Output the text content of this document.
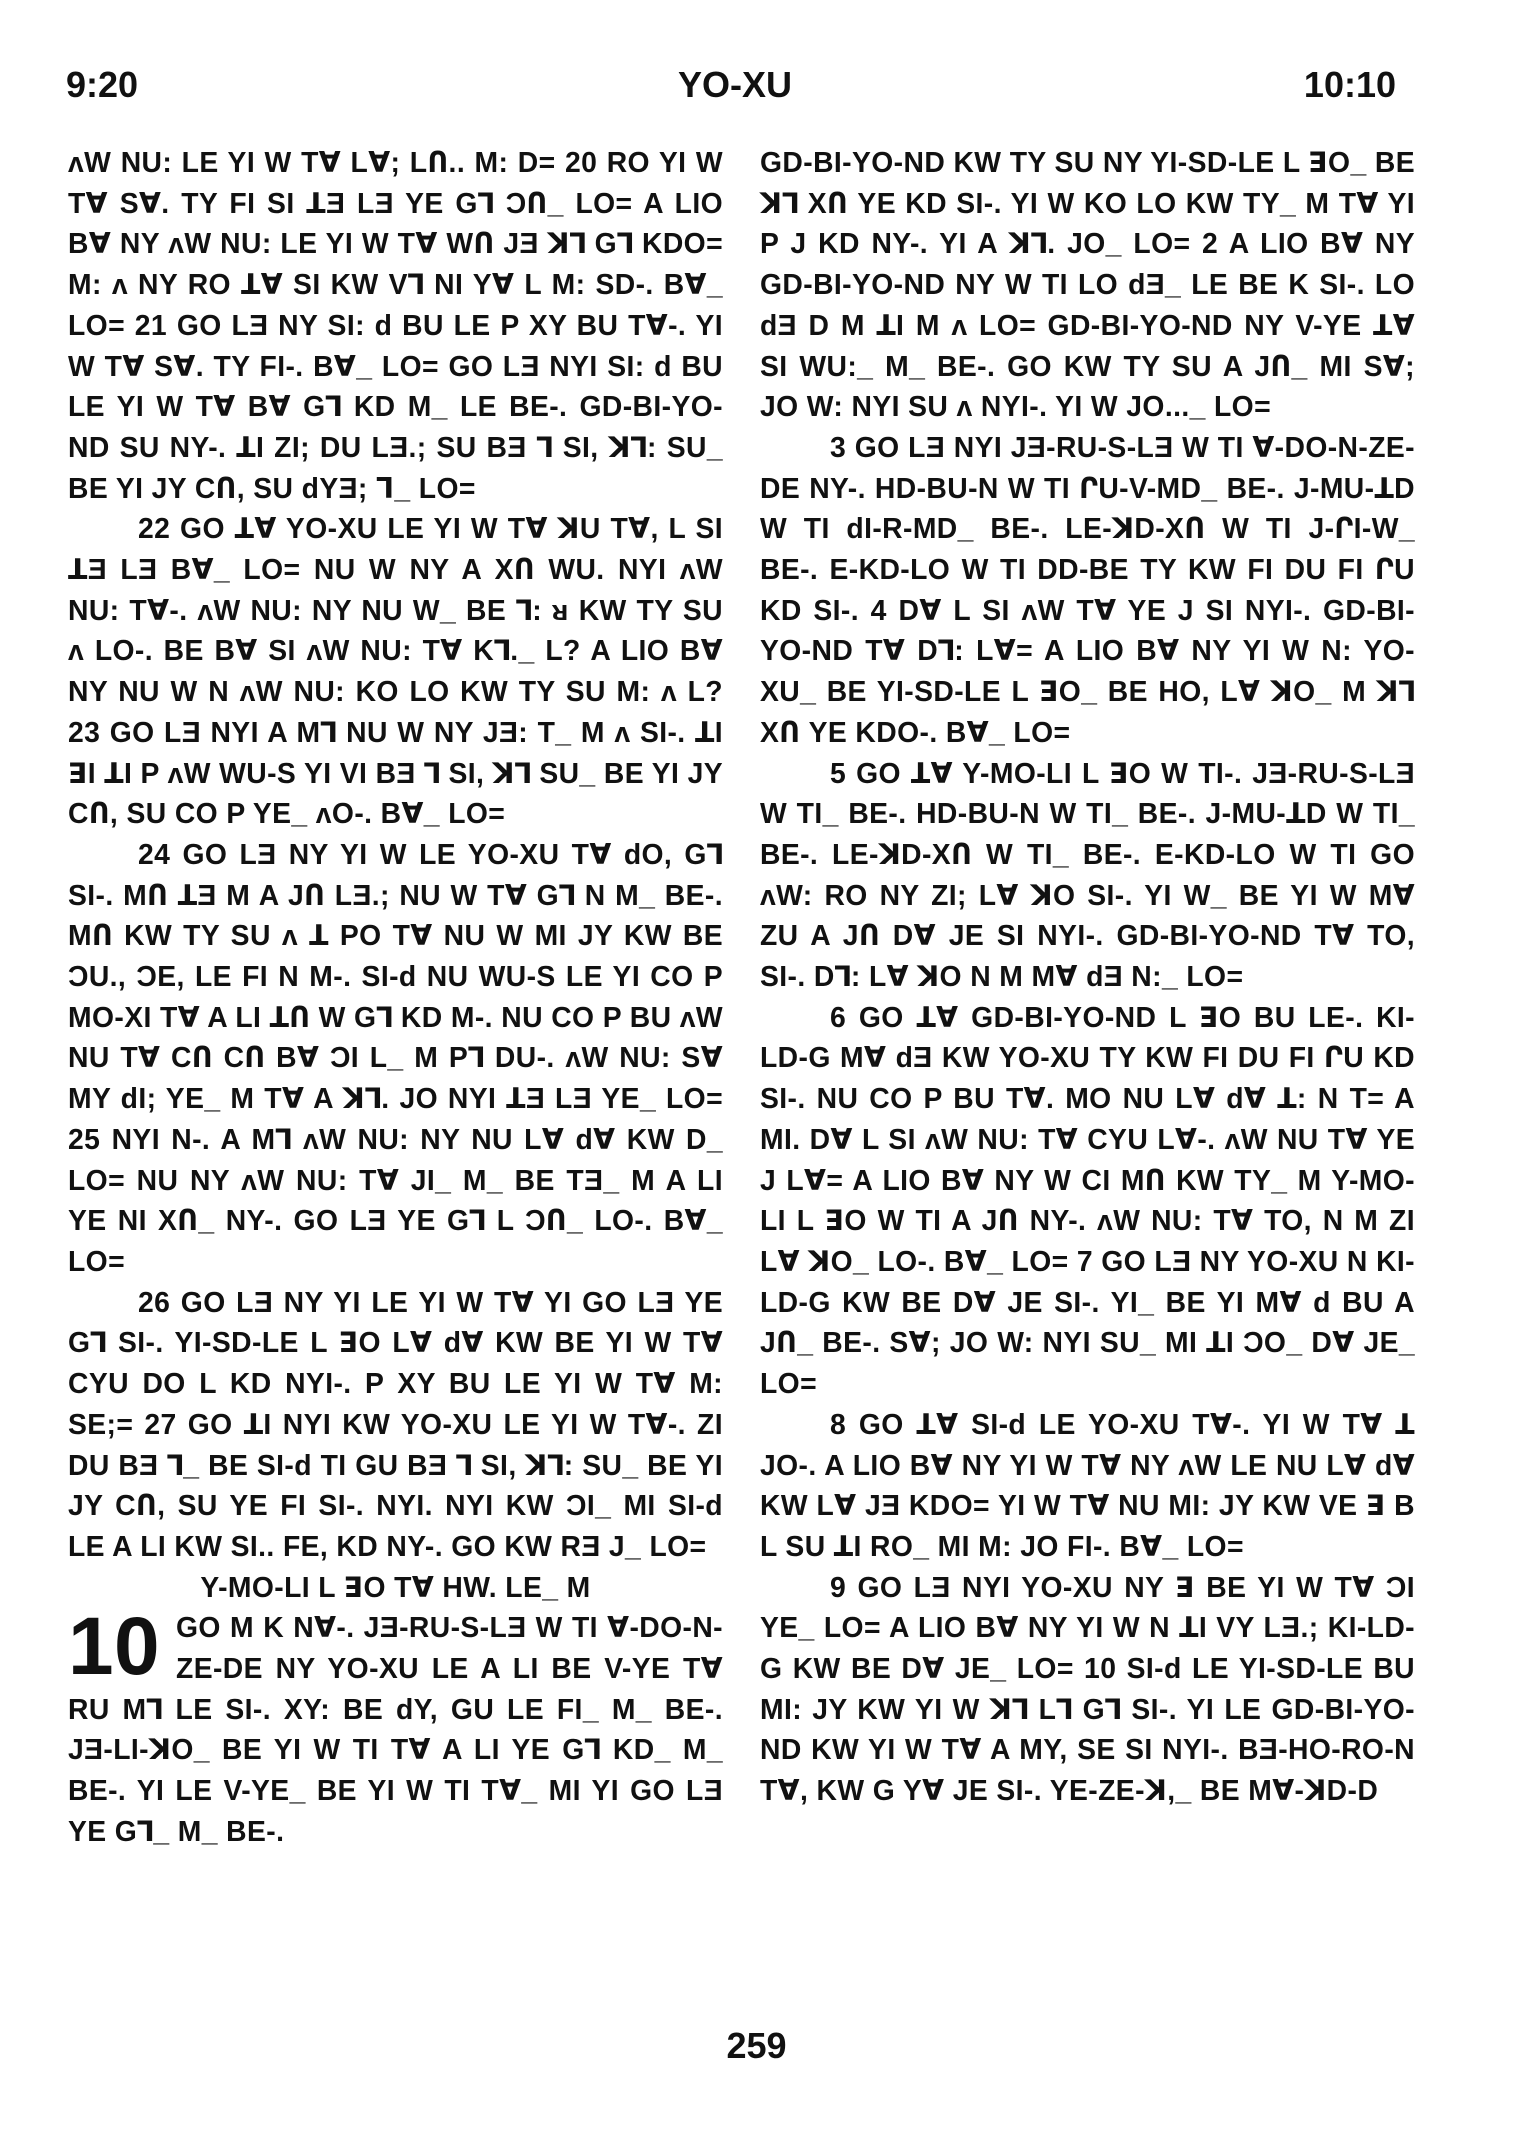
9:20	YO-XU	10:10

ʌW NU: LE YI W TⱯ LⱯ; LՈ.. M: D= 20 RO YI W TⱯ SⱯ. TY FI SI ꓕƎ LƎ YE Gꓶ ϽՈ_ LO= A LIO BⱯ NY ʌW NU: LE YI W TⱯ WՈ JƎ ꓘꓶ Gꓶ KDO= M: ʌ NY RO ꓕⱯ SI KW Vꓶ NI YⱯ L M: SD-. BⱯ_ LO= 21 GO LƎ NY SI: d BU LE P XY BU TⱯ-. YI W TⱯ SⱯ. TY FI-. BⱯ_ LO= GO LƎ NYI SI: d BU LE YI W TⱯ BⱯ Gꓶ KD M_ LE BE-. GD-BI-YO-ND SU NY-. ꓕI ZI; DU LƎ.; SU BƎ ꓶ SI, ꓘꓶ: SU_ BE YI JY CՈ, SU dYƎ; Ꞁ_ LO=

22 GO ꓕⱯ YO-XU LE YI W TⱯ ꓘU TⱯ, L SI ꓕƎ LƎ BⱯ_ LO= NU W NY A XՈ WU. NYI ʌW NU: TⱯ-. ʌW NU: NY NU W_ BE ꓶ: ᴚ KW TY SU ʌ LO-. BE BⱯ SI ʌW NU: TⱯ Kꓶ._ L? A LIO BⱯ NY NU W N ʌW NU: KO LO KW TY SU M: ʌ L? 23 GO LƎ NYI A Mꓶ NU W NY JƎ: T_ M ʌ SI-. ꓕI ꓱI ꓕI P ʌW WU-S YI VI BƎ ꓶ SI, ꓘꓶ SU_ BE YI JY CՈ, SU CO P YE_ ʌO-. BⱯ_ LO=

24 GO LƎ NY YI W LE YO-XU TⱯ dO, Gꓶ SI-. MՈ ꓕƎ M A JՈ LƎ.; NU W TⱯ Gꓶ N M_ BE-. MՈ KW TY SU ʌ ꓕ PO TⱯ NU W MI JY KW BE ϽU., ϽE, LE FI N M-. SI-d NU WU-S LE YI CO P MO-XI TⱯ A LI ꓕՈ W Gꓶ KD M-. NU CO P BU ʌW NU TⱯ CՈ CՈ BⱯ ϽI L_ M Pꓶ DU-. ʌW NU: SⱯ MY dI; YE_ M TⱯ A ꓘꓶ. JO NYI ꓕƎ LƎ YE_ LO= 25 NYI N-. A Mꓶ ʌW NU: NY NU LⱯ dⱯ KW D_ LO= NU NY ʌW NU: TⱯ JI_ M_ BE TƎ_ M A LI YE NI XՈ_ NY-. GO LƎ YE Gꓶ L ϽՈ_ LO-. BⱯ_ LO=

26 GO LƎ NY YI LE YI W TⱯ YI GO LƎ YE Gꓶ SI-. YI-SD-LE L ꓱO LⱯ dⱯ KW BE YI W TⱯ CYU DO L KD NYI-. P XY BU LE YI W TⱯ M: SE;= 27 GO ꓕI NYI KW YO-XU LE YI W TⱯ-. ZI DU BƎ ꓶ_ BE SI-d TI GU BƎ ꓶ SI, ꓘꓶ: SU_ BE YI JY CՈ, SU YE FI SI-. NYI. NYI KW ϽI_ MI SI-d LE A LI KW SI.. FE, KD NY-. GO KW RƎ J_ LO=

Y-MO-LI L ꓱO TⱯ HW. LE_ M
10 GO M K NⱯ-. JƎ-RU-S-LƎ W TI Ɐ-DO-N-ZE-DE NY YO-XU LE A LI BE V-YE TⱯ RU Mꓶ LE SI-. XY: BE dY, GU LE FI_ M_ BE-. JƎ-LI-ꓘO_ BE YI W TI TⱯ A LI YE Gꓶ KD_ M_ BE-. YI LE V-YE_ BE YI W TI TⱯ_ MI YI GO LƎ YE Gꓶ_ M_ BE-.

GD-BI-YO-ND KW TY SU NY YI-SD-LE L ꓱO_ BE ꓘꓶ XՈ YE KD SI-. YI W KO LO KW TY_ M TⱯ YI P J KD NY-. YI A ꓘꓶ. JO_ LO= 2 A LIO BⱯ NY GD-BI-YO-ND NY W TI LO dƎ_ LE BE K SI-. LO dƎ D M ꓕI M ʌ LO= GD-BI-YO-ND NY V-YE ꓕⱯ SI WU:_ M_ BE-. GO KW TY SU A JՈ_ MI SⱯ; JO W: NYI SU ʌ NYI-. YI W JO..._ LO=

3 GO LƎ NYI JƎ-RU-S-LƎ W TI Ɐ-DO-N-ZE-DE NY-. HD-BU-N W TI ՐU-V-MD_ BE-. J-MU-ꓕD W TI dI-R-MD_ BE-. LE-ꓘD-XՈ W TI J-ՐI-W_ BE-. E-KD-LO W TI DD-BE TY KW FI DU FI ՐU KD SI-. 4 DⱯ L SI ʌW TⱯ YE J SI NYI-. GD-BI-YO-ND TⱯ Dꓶ: LⱯ= A LIO BⱯ NY YI W N: YO-XU_ BE YI-SD-LE L ꓱO_ BE HO, LⱯ ꓘO_ M ꓘꓶ XՈ YE KDO-. BⱯ_ LO=

5 GO ꓕⱯ Y-MO-LI L ꓱO W TI-. JƎ-RU-S-LƎ W TI_ BE-. HD-BU-N W TI_ BE-. J-MU-ꓕD W TI_ BE-. LE-ꓘD-XՈ W TI_ BE-. E-KD-LO W TI GO ʌW: RO NY ZI; LⱯ ꓘO SI-. YI W_ BE YI W MⱯ ZU A JՈ DⱯ JE SI NYI-. GD-BI-YO-ND TⱯ TO, SI-. Dꓶ: LⱯ ꓘO N M MⱯ dƎ N:_ LO=

6 GO ꓕⱯ GD-BI-YO-ND L ꓱO BU LE-. KI-LD-G MⱯ dƎ KW YO-XU TY KW FI DU FI ՐU KD SI-. NU CO P BU TⱯ. MO NU LⱯ dⱯ ꓕ: N T= A MI. DⱯ L SI ʌW NU: TⱯ CYU LⱯ-. ʌW NU TⱯ YE J LⱯ= A LIO BⱯ NY W CI MՈ KW TY_ M Y-MO-LI L ꓱO W TI A JՈ NY-. ʌW NU: TⱯ TO, N M ZI LⱯ ꓘO_ LO-. BⱯ_ LO= 7 GO LƎ NY YO-XU N KI-LD-G KW BE DⱯ JE SI-. YI_ BE YI MⱯ d BU A JՈ_ BE-. SⱯ; JO W: NYI SU_ MI ꓕI ϽO_ DⱯ JE_ LO=

8 GO ꓕⱯ SI-d LE YO-XU TⱯ-. YI W TⱯ ꓕ JO-. A LIO BⱯ NY YI W TⱯ NY ʌW LE NU LⱯ dⱯ KW LⱯ JƎ KDO= YI W TⱯ NU MI: JY KW VE ꓱ B L SU ꓕI RO_ MI M: JO FI-. BⱯ_ LO=

9 GO LƎ NYI YO-XU NY ꓱ BE YI W TⱯ ϽI YE_ LO= A LIO BⱯ NY YI W N ꓕI VY LƎ.; KI-LD-G KW BE DⱯ JE_ LO= 10 SI-d LE YI-SD-LE BU MI: JY KW YI W ꓘꓶ Lꓶ Gꓶ SI-. YI LE GD-BI-YO-ND KW YI W TⱯ A MY, SE SI NYI-. BƎ-HO-RO-N TⱯ, KW G YⱯ JE SI-. YE-ZE-ꓘ,_ BE MⱯ-ꓘD-D

259
